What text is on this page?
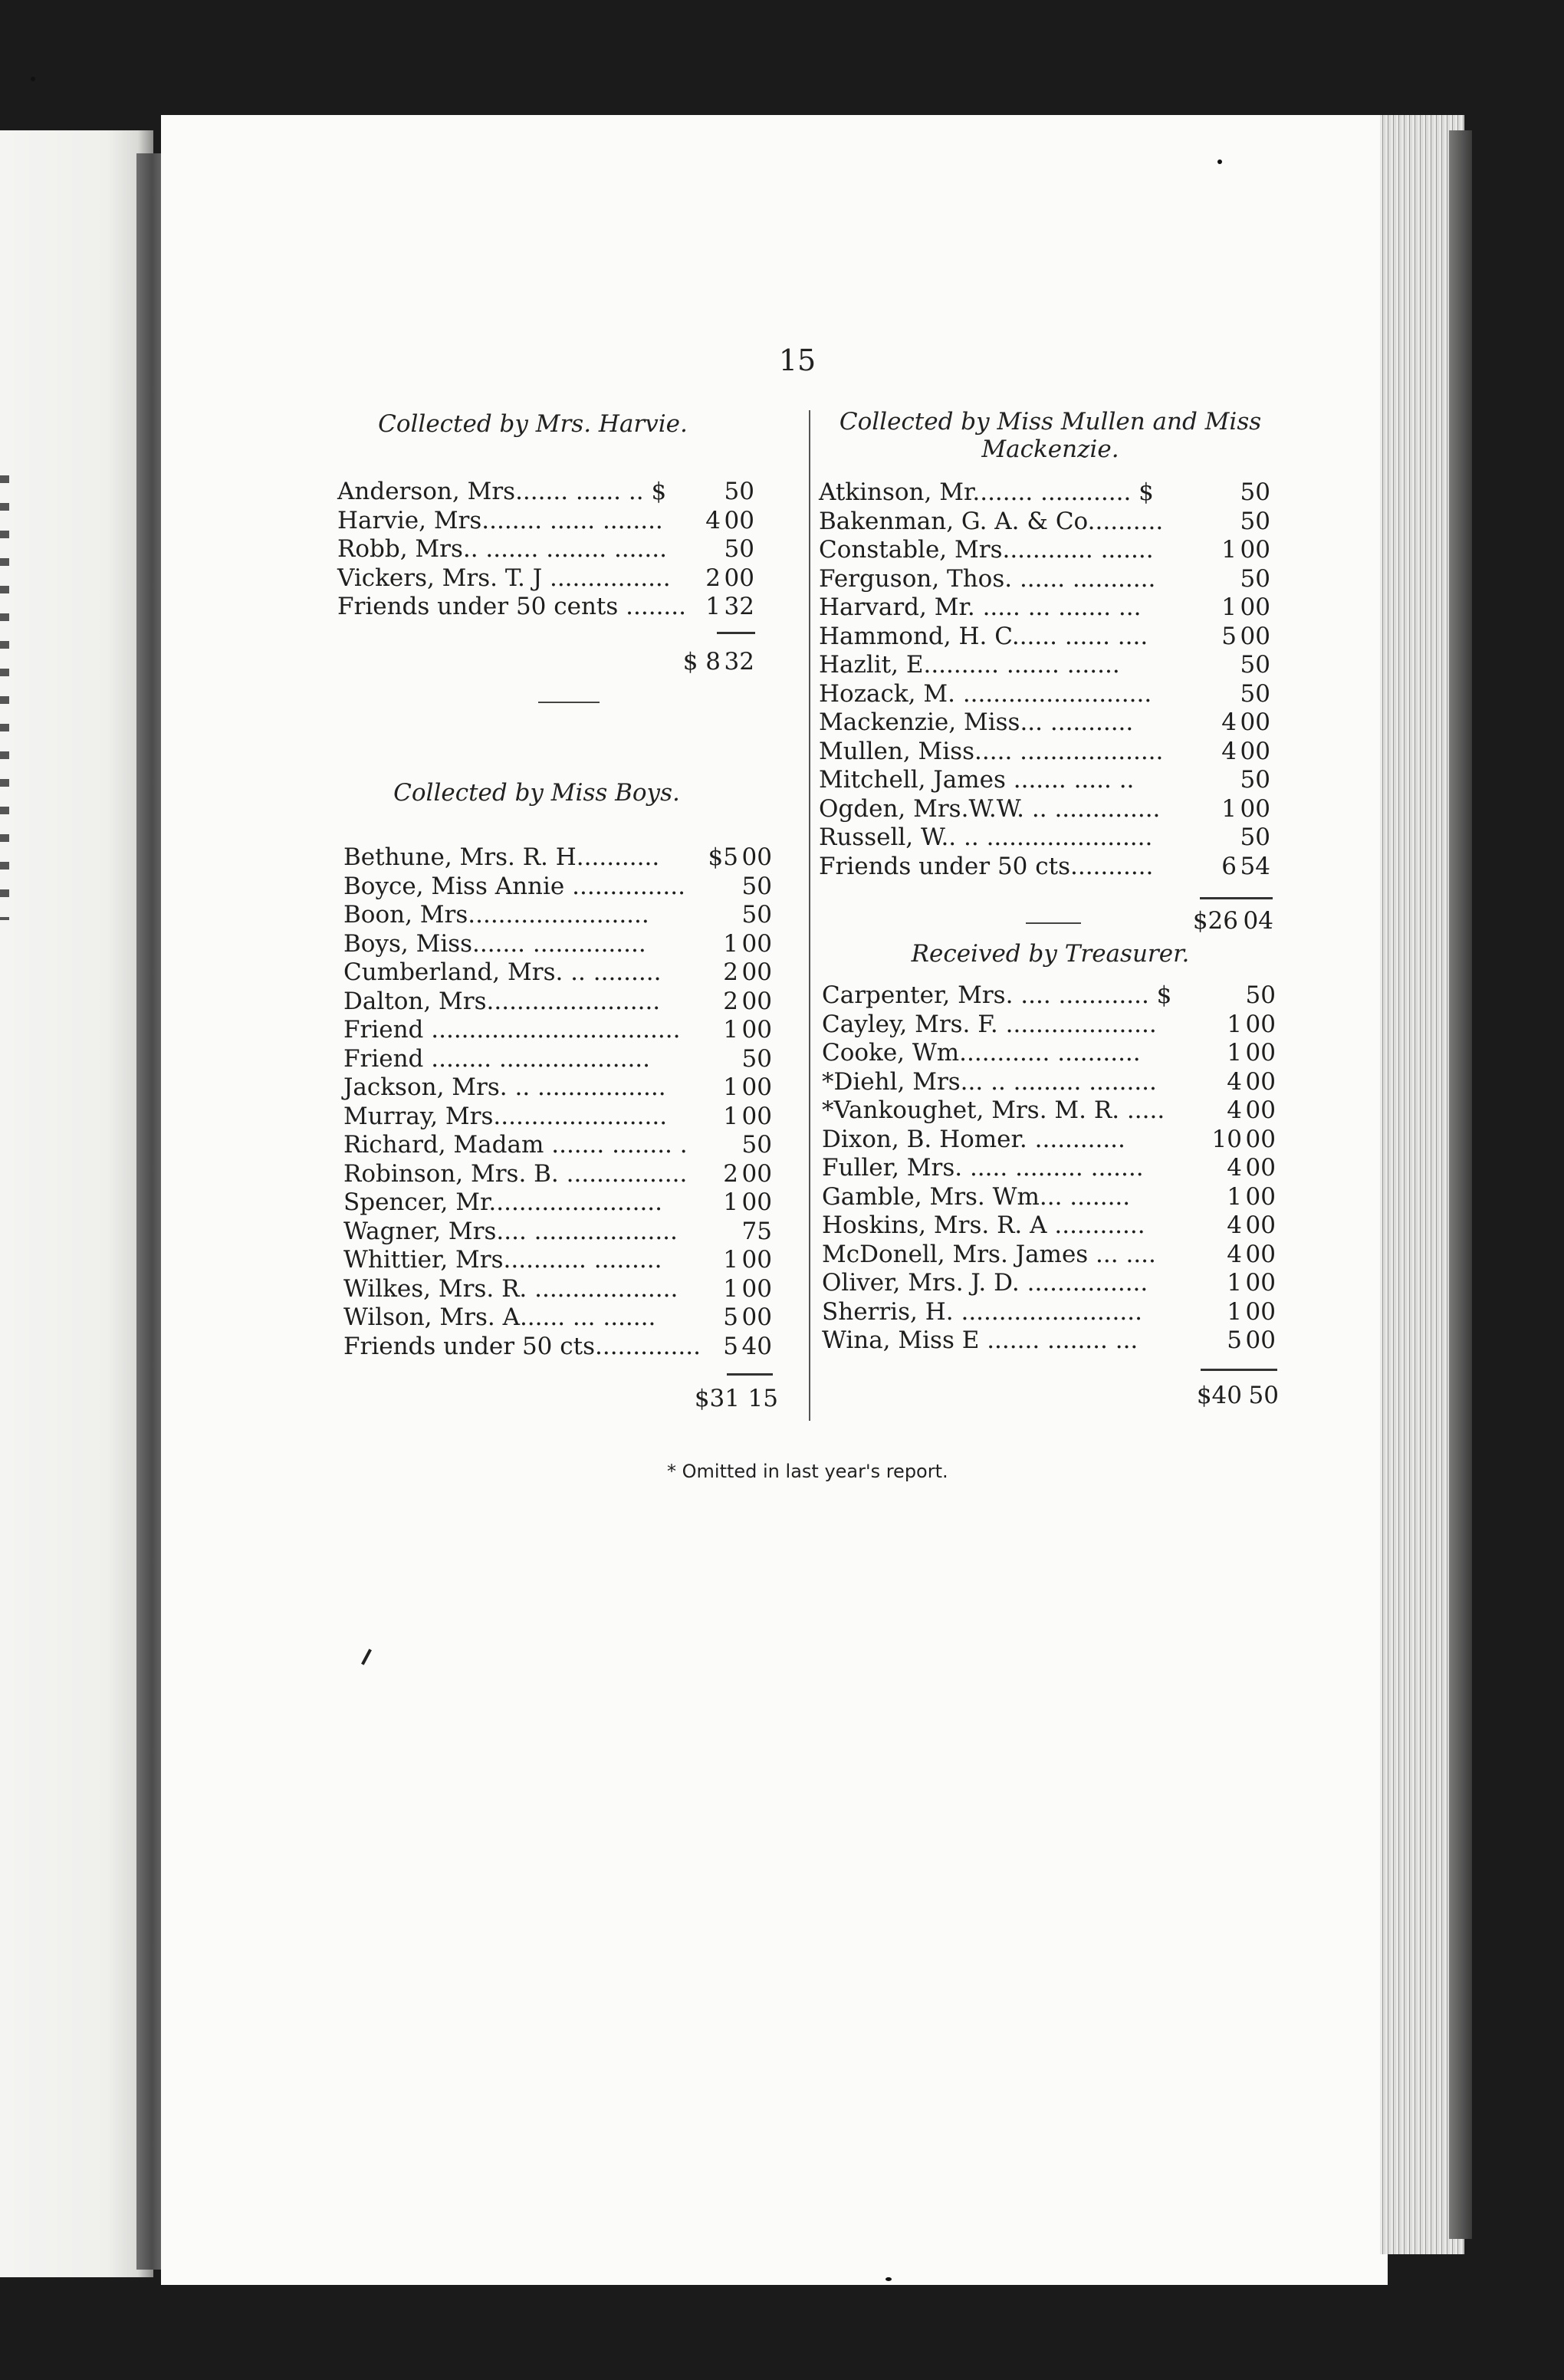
15
Collected by Mrs. Harvie.
Anderson, Mrs....... ...... .. $ 50
Harvie, Mrs........ ...... ........	4 00
Robb, Mrs.. ....... ........ ....... 50
Vickers, Mrs. T. J ................	2 00
Friends under 50 cents ........ 1 32
$ 8 32
Collected by Miss Boys.
Bethune, Mrs. R. H...........	$5 00
Boyce, Miss Annie ............... 50
Boon, Mrs........................	50
Boys, Miss....... ...............	1 00
Cumberland, Mrs. .. .........	2 00
Dalton, Mrs.......................	2 00
Friend .................................	1 00
Friend ........ ....................	50
Jackson, Mrs. .. .................	1 00
Murray, Mrs.......................	1 00
Richard, Madam ....... ........ . 50
Robinson, Mrs. B. ................	2 00
Spencer, Mr.......................	1 00
Wagner, Mrs.... ...................	75
Whittier, Mrs........... .........	1 00
Wilkes, Mrs. R. ...................	1 00
Wilson, Mrs. A...... ... .......	5 00
Friends under 50 cts.............. 5 40
$31 15
Collected by Miss Mullen and Miss
Mackenzie.
Atkinson, Mr........ ............ $	50
Bakenman, G. A. & Co..........	50
Constable, Mrs............ .......	1 00
Ferguson, Thos. ...... ...........	50
Harvard, Mr. ..... ... ....... ...	1 00
Hammond, H. C...... ...... ....	5 00
Hazlit, E.......... ....... .......	50
Hozack, M. .........................	50
Mackenzie, Miss... ...........	4 00
Mullen, Miss..... ...................	4 00
Mitchell, James ....... ..... ..	50
Ogden, Mrs.W.W. .. ..............	1 00
Russell, W.. .. ......................	50
Friends under 50 cts...........	6 54
$26 04
Received by Treasurer.
Carpenter, Mrs. .... ............ $	50
Cayley, Mrs. F. ....................	1 00
Cooke, Wm............ ...........	1 00
*Diehl, Mrs... .. ......... .........	4 00
*Vankoughet, Mrs. M. R. .....	4 00
Dixon, B. Homer. ............	10 00
Fuller, Mrs. ..... ......... .......	4 00
Gamble, Mrs. Wm... ........	1 00
Hoskins, Mrs. R. A ............	4 00
McDonell, Mrs. James ... ....	4 00
Oliver, Mrs. J. D. ................	1 00
Sherris, H. ........................	1 00
Wina, Miss E ....... ........ ...	5 00
$40 50
* Omitted in last year's report.
